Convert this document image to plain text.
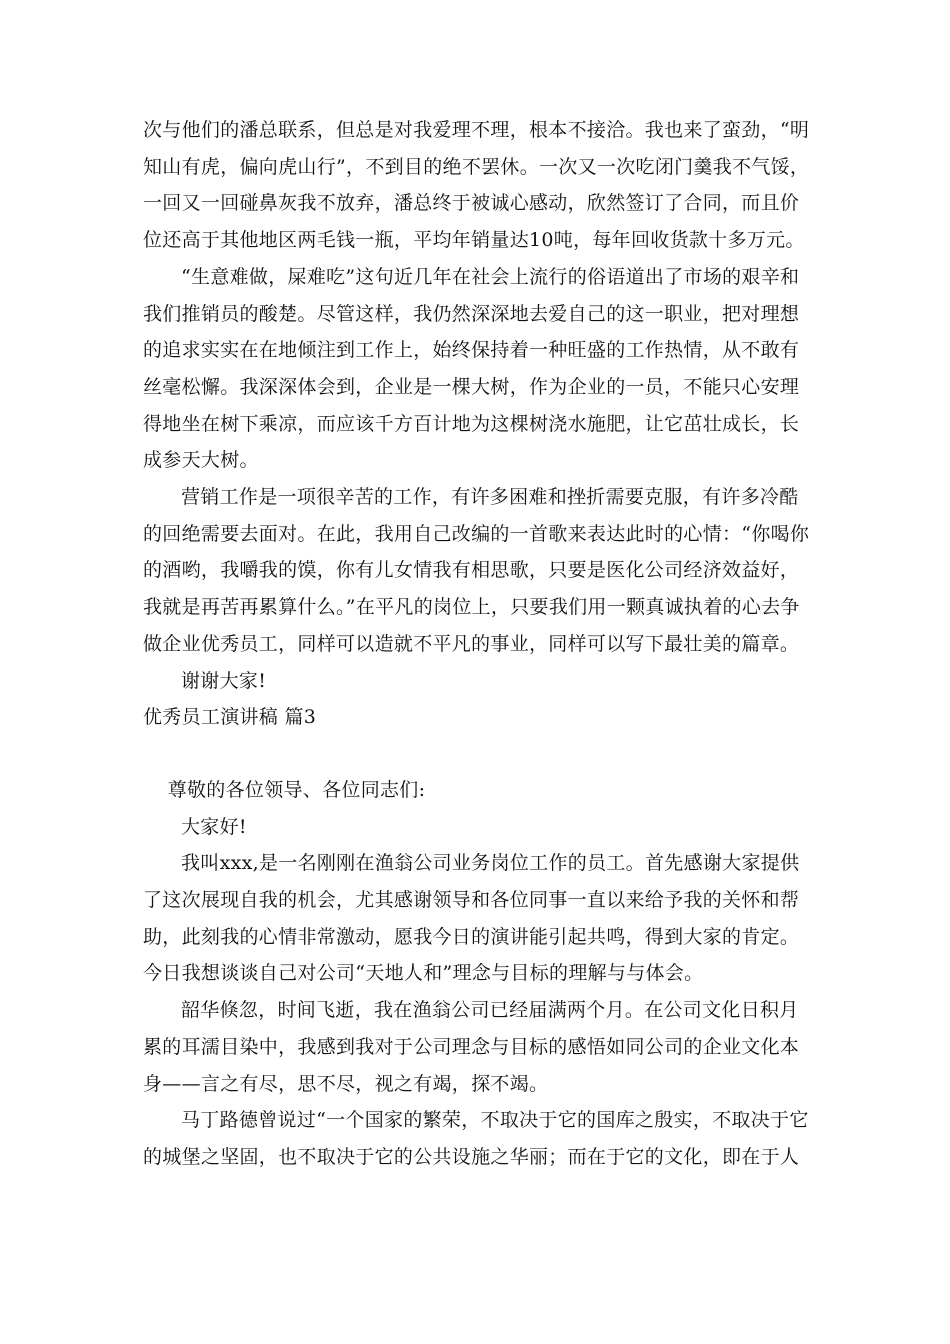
次与他们的潘总联系，但总是对我爱理不理，根本不接洽。我也来了蛮劲，“明知山有虎，偏向虎山行”，不到目的绝不罢休。一次又一次吃闭门羹我不气馁，一回又一回碰鼻灰我不放弃，潘总终于被诚心感动，欣然签订了合同，而且价位还高于其他地区两毛钱一瓶，平均年销量达10吨，每年回收货款十多万元。

“生意难做，屎难吃”这句近几年在社会上流行的俗语道出了市场的艰辛和我们推销员的酸楚。尽管这样，我仍然深深地去爱自己的这一职业，把对理想的追求实实在在地倾注到工作上，始终保持着一种旺盛的工作热情，从不敢有丝毫松懈。我深深体会到，企业是一棵大树，作为企业的一员，不能只心安理得地坐在树下乘凉，而应该千方百计地为这棵树浇水施肥，让它茁壮成长，长成参天大树。

营销工作是一项很辛苦的工作，有许多困难和挫折需要克服，有许多冷酷的回绝需要去面对。在此，我用自己改编的一首歌来表达此时的心情：“你喝你的酒哟，我嚼我的馍，你有儿女情我有相思歌，只要是医化公司经济效益好，我就是再苦再累算什么。”在平凡的岗位上，只要我们用一颗真诚执着的心去争做企业优秀员工，同样可以造就不平凡的事业，同样可以写下最壮美的篇章。

谢谢大家!

优秀员工演讲稿 篇3

尊敬的各位领导、各位同志们:

大家好!

我叫xxx,是一名刚刚在渔翁公司业务岗位工作的员工。首先感谢大家提供了这次展现自我的机会，尤其感谢领导和各位同事一直以来给予我的关怀和帮助，此刻我的心情非常激动，愿我今日的演讲能引起共鸣，得到大家的肯定。今日我想谈谈自己对公司“天地人和”理念与目标的理解与与体会。

韶华倏忽，时间飞逝，我在渔翁公司已经届满两个月。在公司文化日积月累的耳濡目染中，我感到我对于公司理念与目标的感悟如同公司的企业文化本身——言之有尽，思不尽，视之有竭，探不竭。

马丁路德曾说过“一个国家的繁荣，不取决于它的国库之殷实，不取决于它的城堡之坚固，也不取决于它的公共设施之华丽；而在于它的文化，即在于人
